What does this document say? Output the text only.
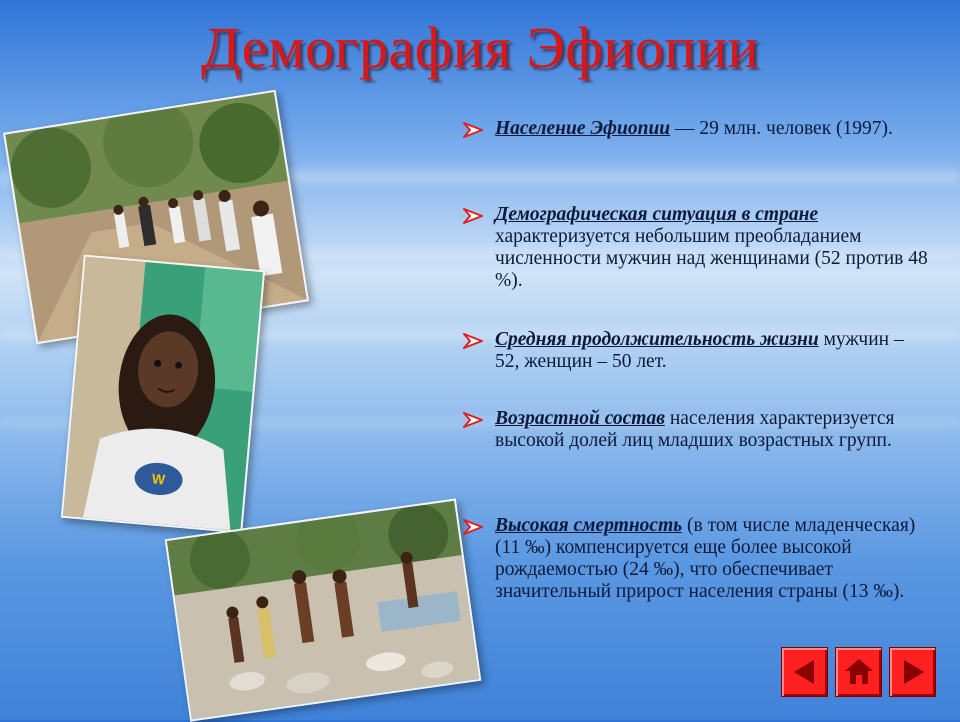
Демография Эфиопии
W
Население Эфиопии — 29 млн. человек (1997).
Демографическая ситуация в стране характеризуется небольшим преобладанием численности мужчин над женщинами (52 против 48 %).
Средняя продолжительность жизни мужчин – 52, женщин – 50 лет.
Возрастной состав населения характеризуется высокой долей лиц младших возрастных групп.
Высокая смертность (в том числе младенческая) (11 ‰) компенсируется еще более высокой рождаемостью (24 ‰), что обеспечивает значительный прирост населения страны (13 ‰).
